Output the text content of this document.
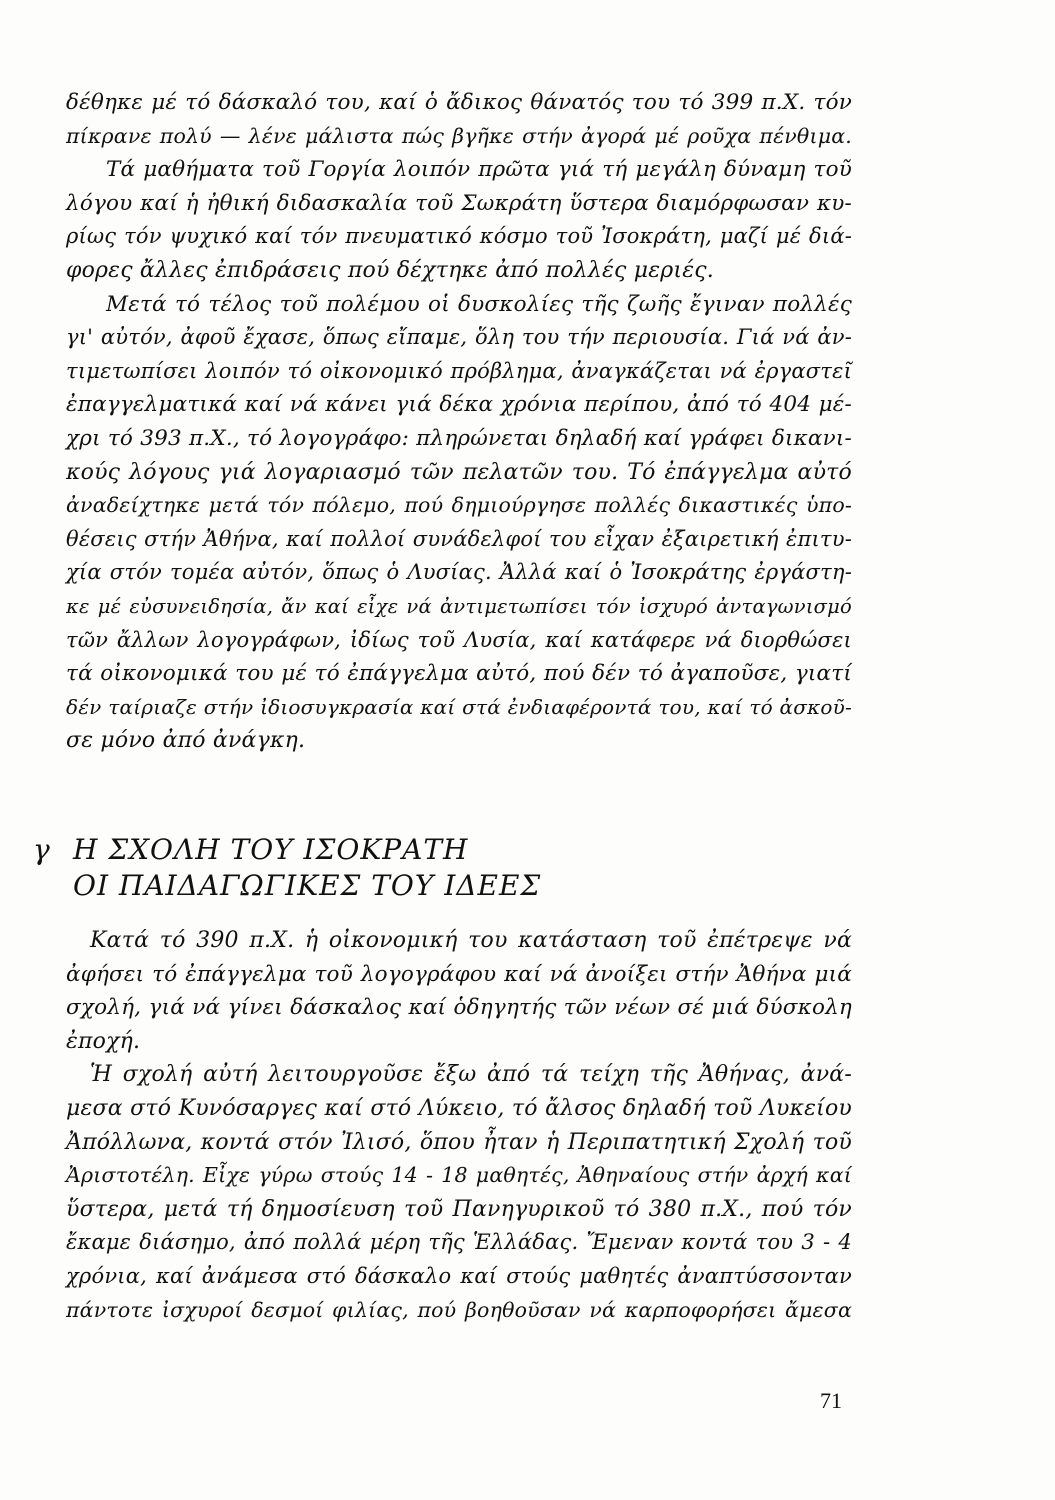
δέθηκε μέ τό δάσκαλό του, καί ὁ ἄδικος θάνατός του τό 399 π.Χ. τόν
πίκρανε πολύ — λένε μάλιστα πώς βγῆκε στήν ἀγορά μέ ροῦχα πένθιμα.
Τά μαθήματα τοῦ Γοργία λοιπόν πρῶτα γιά τή μεγάλη δύναμη τοῦ
λόγου καί ἡ ἠθική διδασκαλία τοῦ Σωκράτη ὕστερα διαμόρφωσαν κυ-
ρίως τόν ψυχικό καί τόν πνευματικό κόσμο τοῦ Ἰσοκράτη, μαζί μέ διά-
φορες ἄλλες ἐπιδράσεις πού δέχτηκε ἀπό πολλές μεριές.
Μετά τό τέλος τοῦ πολέμου οἱ δυσκολίες τῆς ζωῆς ἔγιναν πολλές
γι' αὐτόν, ἀφοῦ ἔχασε, ὅπως εἴπαμε, ὅλη του τήν περιουσία. Γιά νά ἀν-
τιμετωπίσει λοιπόν τό οἰκονομικό πρόβλημα, ἀναγκάζεται νά ἐργαστεῖ
ἐπαγγελματικά καί νά κάνει γιά δέκα χρόνια περίπου, ἀπό τό 404 μέ-
χρι τό 393 π.Χ., τό λογογράφο: πληρώνεται δηλαδή καί γράφει δικανι-
κούς λόγους γιά λογαριασμό τῶν πελατῶν του. Τό ἐπάγγελμα αὐτό
ἀναδείχτηκε μετά τόν πόλεμο, πού δημιούργησε πολλές δικαστικές ὑπο-
θέσεις στήν Ἀθήνα, καί πολλοί συνάδελφοί του εἶχαν ἐξαιρετική ἐπιτυ-
χία στόν τομέα αὐτόν, ὅπως ὁ Λυσίας. Ἀλλά καί ὁ Ἰσοκράτης ἐργάστη-
κε μέ εὐσυνειδησία, ἄν καί εἶχε νά ἀντιμετωπίσει τόν ἰσχυρό ἀνταγωνισμό
τῶν ἄλλων λογογράφων, ἰδίως τοῦ Λυσία, καί κατάφερε νά διορθώσει
τά οἰκονομικά του μέ τό ἐπάγγελμα αὐτό, πού δέν τό ἀγαποῦσε, γιατί
δέν ταίριαζε στήν ἰδιοσυγκρασία καί στά ἐνδιαφέροντά του, καί τό ἀσκοῦ-
σε μόνο ἀπό ἀνάγκη.
γ Η ΣΧΟΛΗ ΤΟΥ ΙΣΟΚΡΑΤΗ
ΟΙ ΠΑΙΔΑΓΩΓΙΚΕΣ ΤΟΥ ΙΔΕΕΣ
Κατά τό 390 π.Χ. ἡ οἰκονομική του κατάσταση τοῦ ἐπέτρεψε νά
ἀφήσει τό ἐπάγγελμα τοῦ λογογράφου καί νά ἀνοίξει στήν Ἀθήνα μιά
σχολή, γιά νά γίνει δάσκαλος καί ὁδηγητής τῶν νέων σέ μιά δύσκολη
ἐποχή.
Ἡ σχολή αὐτή λειτουργοῦσε ἔξω ἀπό τά τείχη τῆς Ἀθήνας, ἀνά-
μεσα στό Κυνόσαργες καί στό Λύκειο, τό ἄλσος δηλαδή τοῦ Λυκείου
Ἀπόλλωνα, κοντά στόν Ἰλισό, ὅπου ἦταν ἡ Περιπατητική Σχολή τοῦ
Ἀριστοτέλη. Εἶχε γύρω στούς 14 - 18 μαθητές, Ἀθηναίους στήν ἀρχή καί
ὕστερα, μετά τή δημοσίευση τοῦ Πανηγυρικοῦ τό 380 π.Χ., πού τόν
ἔκαμε διάσημο, ἀπό πολλά μέρη τῆς Ἑλλάδας. Ἔμεναν κοντά του 3 - 4
χρόνια, καί ἀνάμεσα στό δάσκαλο καί στούς μαθητές ἀναπτύσσονταν
πάντοτε ἰσχυροί δεσμοί φιλίας, πού βοηθοῦσαν νά καρποφορήσει ἄμεσα
71
